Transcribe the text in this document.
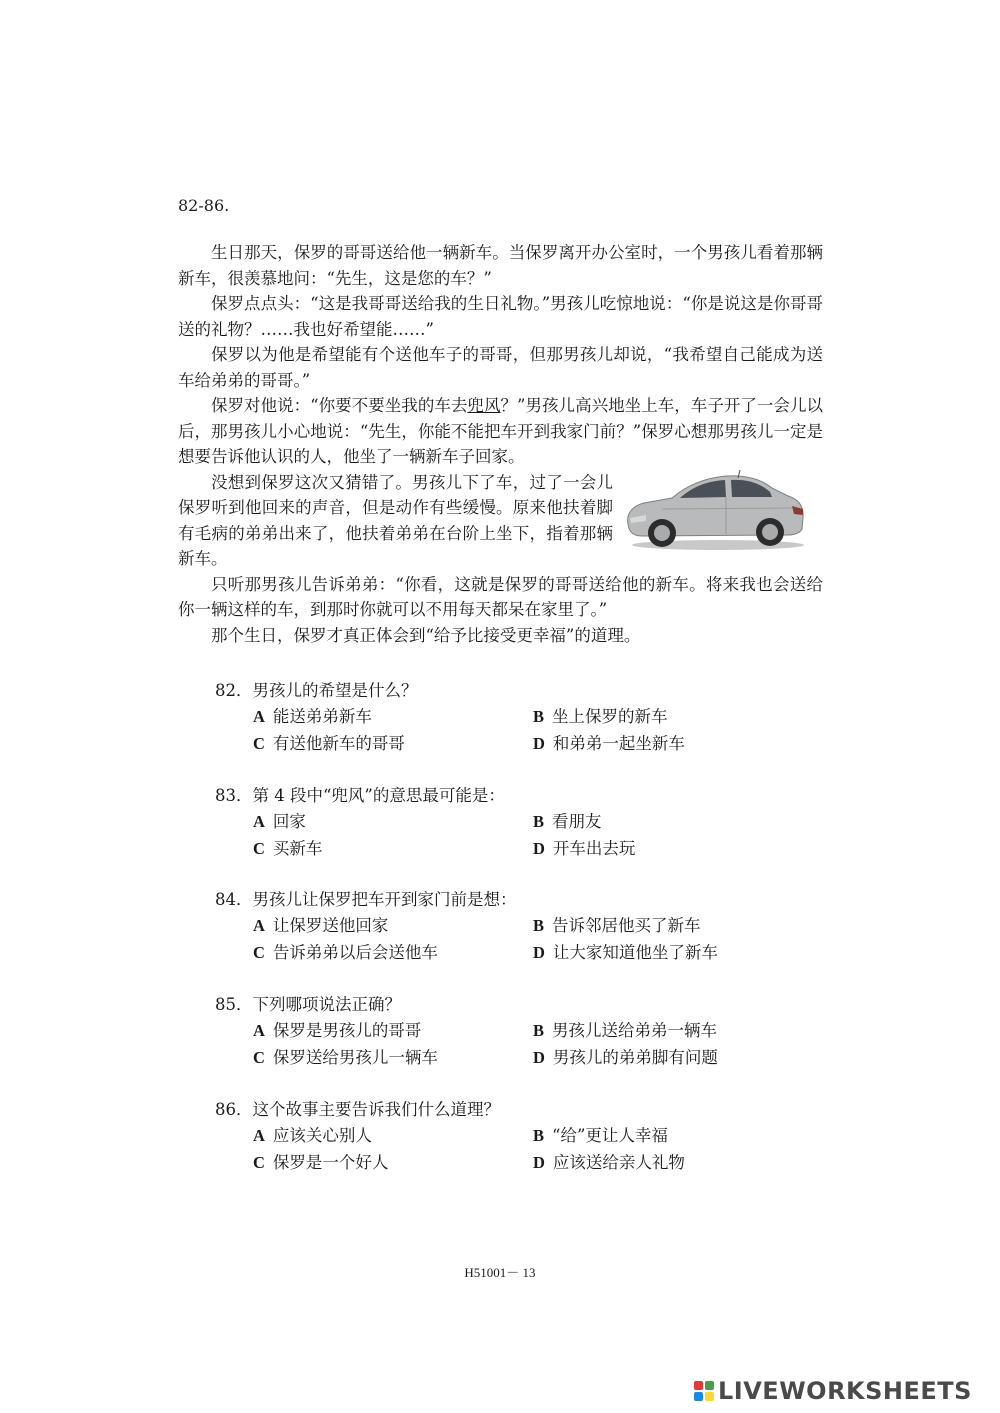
82-86.

生日那天，保罗的哥哥送给他一辆新车。当保罗离开办公室时，一个男孩儿看着那辆新车，很羡慕地问：“先生，这是您的车？”

保罗点点头：“这是我哥哥送给我的生日礼物。”男孩儿吃惊地说：“你是说这是你哥哥送的礼物？……我也好希望能……”

保罗以为他是希望能有个送他车子的哥哥，但那男孩儿却说，“我希望自己能成为送车给弟弟的哥哥。”

保罗对他说：“你要不要坐我的车去兜风？”男孩儿高兴地坐上车，车子开了一会儿以后，那男孩儿小心地说：“先生，你能不能把车开到我家门前？”保罗心想那男孩儿一定是想要告诉他认识的人，他坐了一辆新车子回家。

没想到保罗这次又猜错了。男孩儿下了车，过了一会儿保罗听到他回来的声音，但是动作有些缓慢。原来他扶着脚有毛病的弟弟出来了，他扶着弟弟在台阶上坐下，指着那辆新车。

只听那男孩儿告诉弟弟：“你看，这就是保罗的哥哥送给他的新车。将来我也会送给你一辆这样的车，到那时你就可以不用每天都呆在家里了。”

那个生日，保罗才真正体会到“给予比接受更幸福”的道理。

82．男孩儿的希望是什么？
A 能送弟弟新车	B 坐上保罗的新车
C 有送他新车的哥哥	D 和弟弟一起坐新车
83．第 4 段中“兜风”的意思最可能是：
A 回家	B 看朋友
C 买新车	D 开车出去玩
84．男孩儿让保罗把车开到家门前是想：
A 让保罗送他回家	B 告诉邻居他买了新车
C 告诉弟弟以后会送他车	D 让大家知道他坐了新车
85．下列哪项说法正确？
A 保罗是男孩儿的哥哥	B 男孩儿送给弟弟一辆车
C 保罗送给男孩儿一辆车	D 男孩儿的弟弟脚有问题
86．这个故事主要告诉我们什么道理？
A 应该关心别人	B “给”更让人幸福
C 保罗是一个好人	D 应该送给亲人礼物
H51001－ 13
LIVEWORKSHEETS
